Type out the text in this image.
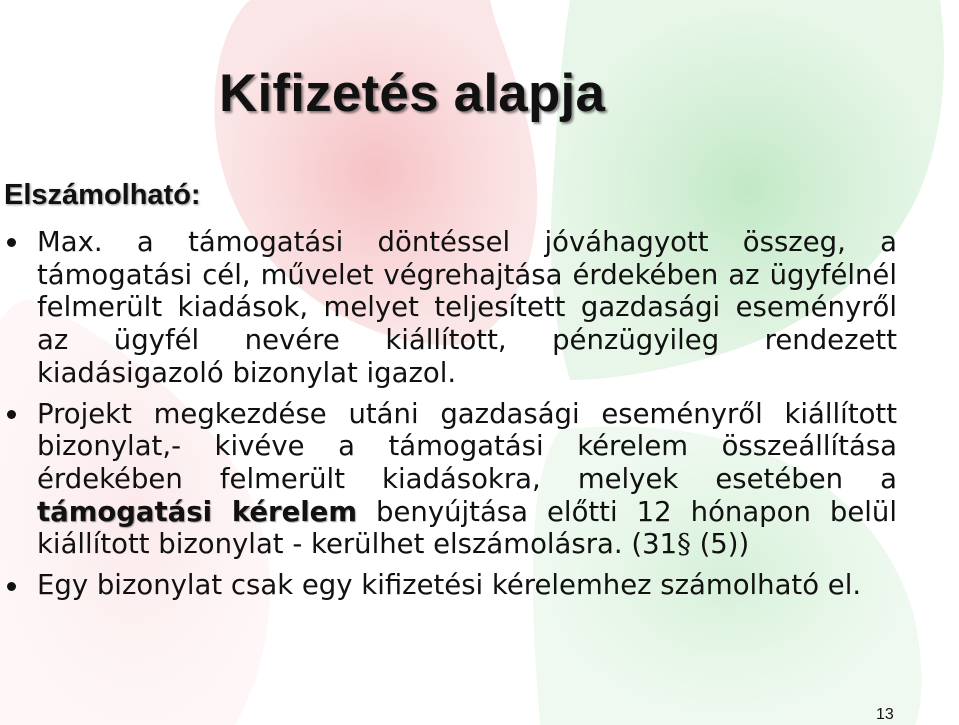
Kifizetés alapja
Elszámolható:
Max. a támogatási döntéssel jóváhagyott összeg, a támogatási cél, művelet végrehajtása érdekében az ügyfélnél felmerült kiadások, melyet teljesített gazdasági eseményről az ügyfél nevére kiállított, pénzügyileg rendezett kiadásigazoló bizonylat igazol.
Projekt megkezdése utáni gazdasági eseményről kiállított bizonylat,- kivéve a támogatási kérelem összeállítása érdekében felmerült kiadásokra, melyek esetében a támogatási kérelem benyújtása előtti 12 hónapon belül kiállított bizonylat - kerülhet elszámolásra. (31§ (5))
Egy bizonylat csak egy kifizetési kérelemhez számolható el.
13
